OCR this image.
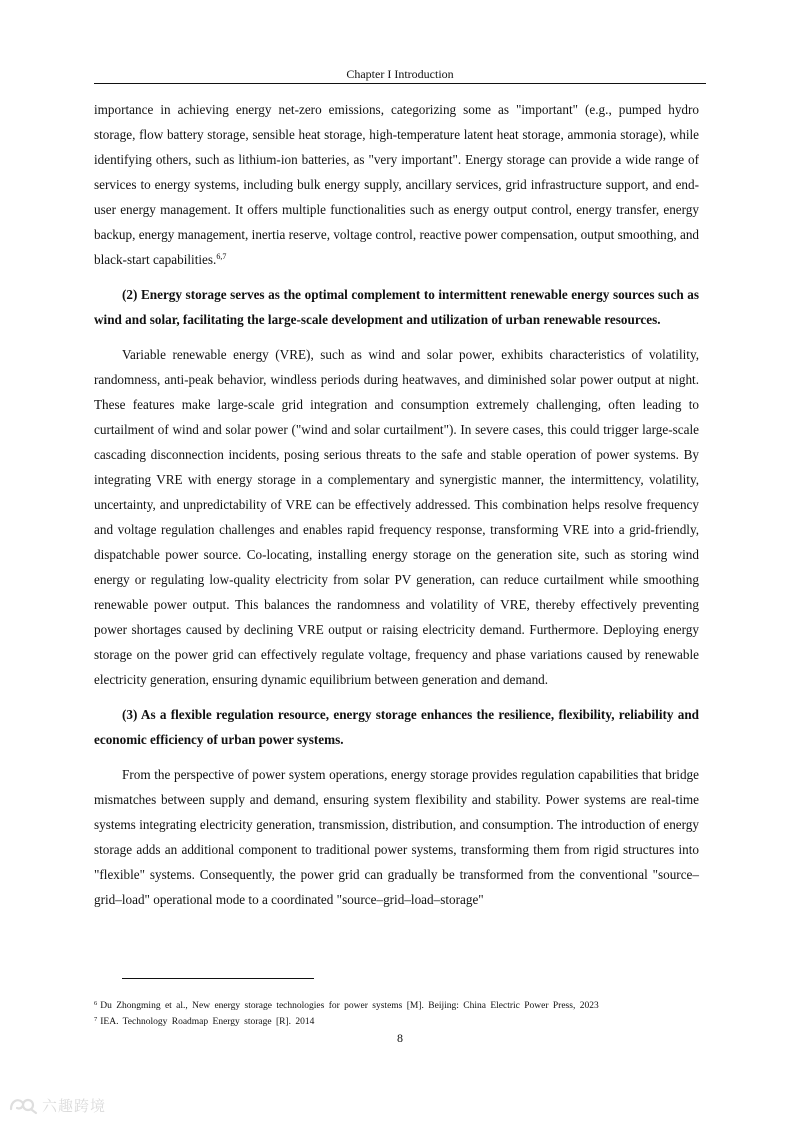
Chapter I Introduction

importance in achieving energy net-zero emissions, categorizing some as "important" (e.g., pumped hydro storage, flow battery storage, sensible heat storage, high-temperature latent heat storage, ammonia storage), while identifying others, such as lithium-ion batteries, as "very important". Energy storage can provide a wide range of services to energy systems, including bulk energy supply, ancillary services, grid infrastructure support, and end-user energy management. It offers multiple functionalities such as energy output control, energy transfer, energy backup, energy management, inertia reserve, voltage control, reactive power compensation, output smoothing, and black-start capabilities.$^{6,7}$

(2) Energy storage serves as the optimal complement to intermittent renewable energy sources such as wind and solar, facilitating the large-scale development and utilization of urban renewable resources.

Variable renewable energy (VRE), such as wind and solar power, exhibits characteristics of volatility, randomness, anti-peak behavior, windless periods during heatwaves, and diminished solar power output at night. These features make large-scale grid integration and consumption extremely challenging, often leading to curtailment of wind and solar power ("wind and solar curtailment"). In severe cases, this could trigger large-scale cascading disconnection incidents, posing serious threats to the safe and stable operation of power systems. By integrating VRE with energy storage in a complementary and synergistic manner, the intermittency, volatility, uncertainty, and unpredictability of VRE can be effectively addressed. This combination helps resolve frequency and voltage regulation challenges and enables rapid frequency response, transforming VRE into a grid-friendly, dispatchable power source. Co-locating, installing energy storage on the generation site, such as storing wind energy or regulating low-quality electricity from solar PV generation, can reduce curtailment while smoothing renewable power output. This balances the randomness and volatility of VRE, thereby effectively preventing power shortages caused by declining VRE output or raising electricity demand. Furthermore. Deploying energy storage on the power grid can effectively regulate voltage, frequency and phase variations caused by renewable electricity generation, ensuring dynamic equilibrium between generation and demand.

(3) As a flexible regulation resource, energy storage enhances the resilience, flexibility, reliability and economic efficiency of urban power systems.

From the perspective of power system operations, energy storage provides regulation capabilities that bridge mismatches between supply and demand, ensuring system flexibility and stability. Power systems are real-time systems integrating electricity generation, transmission, distribution, and consumption. The introduction of energy storage adds an additional component to traditional power systems, transforming them from rigid structures into "flexible" systems. Consequently, the power grid can gradually be transformed from the conventional "source–grid–load" operational mode to a coordinated "source–grid–load–storage"

$^6$ Du Zhongming et al., New energy storage technologies for power systems [M]. Beijing: China Electric Power Press, 2023
$^7$ IEA. Technology Roadmap Energy storage [R]. 2014
8
六趣跨境
